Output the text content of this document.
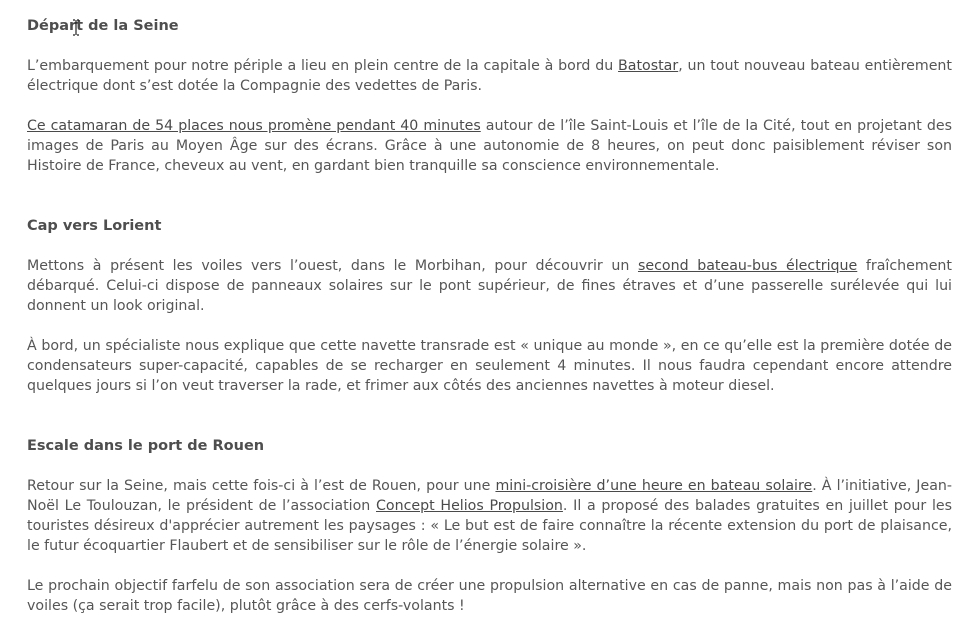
Départ de la Seine

L’embarquement pour notre périple a lieu en plein centre de la capitale à bord du Batostar, un tout nouveau bateau entièrement électrique dont s’est dotée la Compagnie des vedettes de Paris.

Ce catamaran de 54 places nous promène pendant 40 minutes autour de l’île Saint-Louis et l’île de la Cité, tout en projetant des images de Paris au Moyen Âge sur des écrans. Grâce à une autonomie de 8 heures, on peut donc paisiblement réviser son Histoire de France, cheveux au vent, en gardant bien tranquille sa conscience environnementale.

Cap vers Lorient

Mettons à présent les voiles vers l’ouest, dans le Morbihan, pour découvrir un second bateau-bus électrique fraîchement débarqué. Celui-ci dispose de panneaux solaires sur le pont supérieur, de fines étraves et d’une passerelle surélevée qui lui donnent un look original.

À bord, un spécialiste nous explique que cette navette transrade est « unique au monde », en ce qu’elle est la première dotée de condensateurs super-capacité, capables de se recharger en seulement 4 minutes. Il nous faudra cependant encore attendre quelques jours si l’on veut traverser la rade, et frimer aux côtés des anciennes navettes à moteur diesel.

Escale dans le port de Rouen

Retour sur la Seine, mais cette fois-ci à l’est de Rouen, pour une mini-croisière d’une heure en bateau solaire. À l’initiative, Jean-Noël Le Toulouzan, le président de l’association Concept Helios Propulsion. Il a proposé des balades gratuites en juillet pour les touristes désireux d'apprécier autrement les paysages : « Le but est de faire connaître la récente extension du port de plaisance, le futur écoquartier Flaubert et de sensibiliser sur le rôle de l’énergie solaire ».

Le prochain objectif farfelu de son association sera de créer une propulsion alternative en cas de panne, mais non pas à l’aide de voiles (ça serait trop facile), plutôt grâce à des cerfs-volants !
